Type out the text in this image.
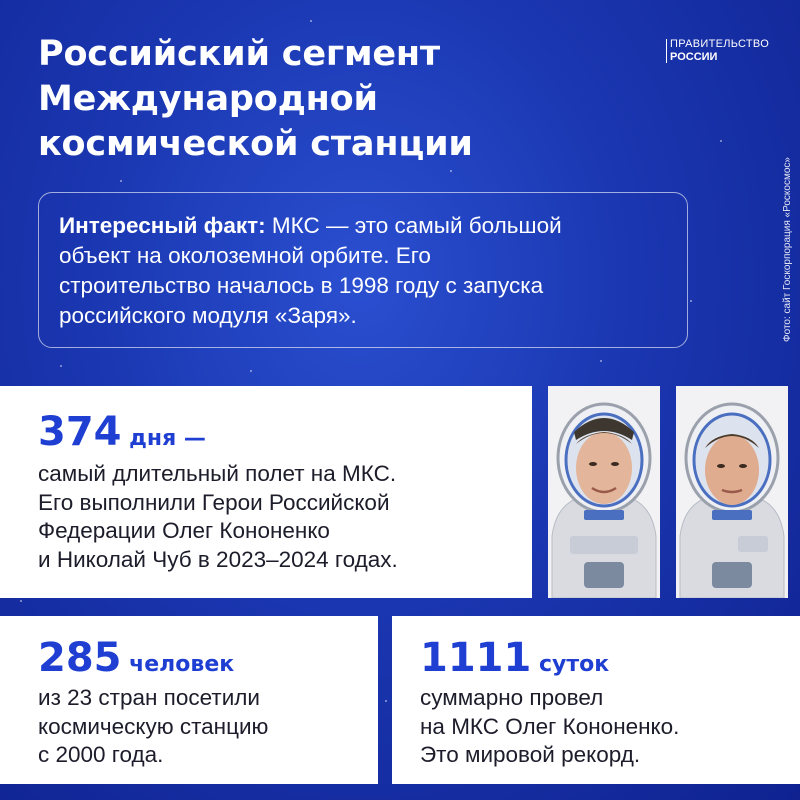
Российский сегмент
Международной
космической станции
ПРАВИТЕЛЬСТВО
РОССИИ
Фото: сайт Госкорпорация «Роскосмос»
Интересный факт: МКС — это самый большой
объект на околоземной орбите. Его
строительство началось в 1998 году с запуска
российского модуля «Заря».
374 дня —
самый длительный полет на МКС.
Его выполнили Герои Российской
Федерации Олег Кононенко
и Николай Чуб в 2023–2024 годах.
285 человек
из 23 стран посетили
космическую станцию
с 2000 года.
1111 суток
суммарно провел
на МКС Олег Кононенко.
Это мировой рекорд.
